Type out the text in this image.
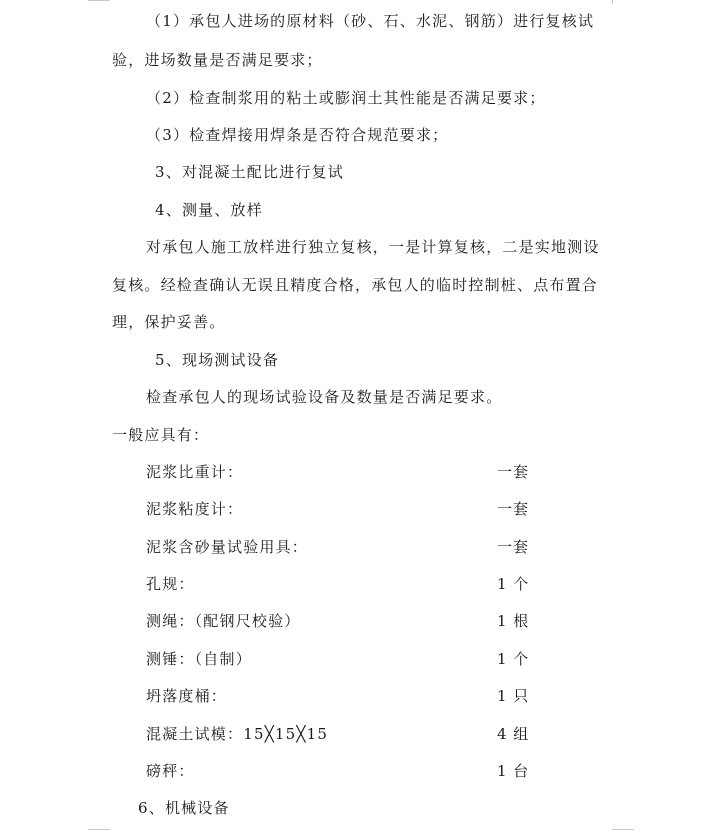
（1）承包人进场的原材料（砂、石、水泥、钢筋）进行复核试
验，进场数量是否满足要求；
（2）检查制浆用的粘土或膨润土其性能是否满足要求；
（3）检查焊接用焊条是否符合规范要求；
3、对混凝土配比进行复试
4、测量、放样
对承包人施工放样进行独立复核，一是计算复核，二是实地测设
复核。经检查确认无误且精度合格，承包人的临时控制桩、点布置合
理，保护妥善。
5、现场测试设备
检查承包人的现场试验设备及数量是否满足要求。
一般应具有：
泥浆比重计：	一套
泥浆粘度计：	一套
泥浆含砂量试验用具：	一套
孔规：	1 个
测绳：（配钢尺校验）	1 根
测锤：（自制）	1 个
坍落度桶：	1 只
混凝土试模：15╳15╳15	4 组
磅秤：	1 台
6、机械设备
